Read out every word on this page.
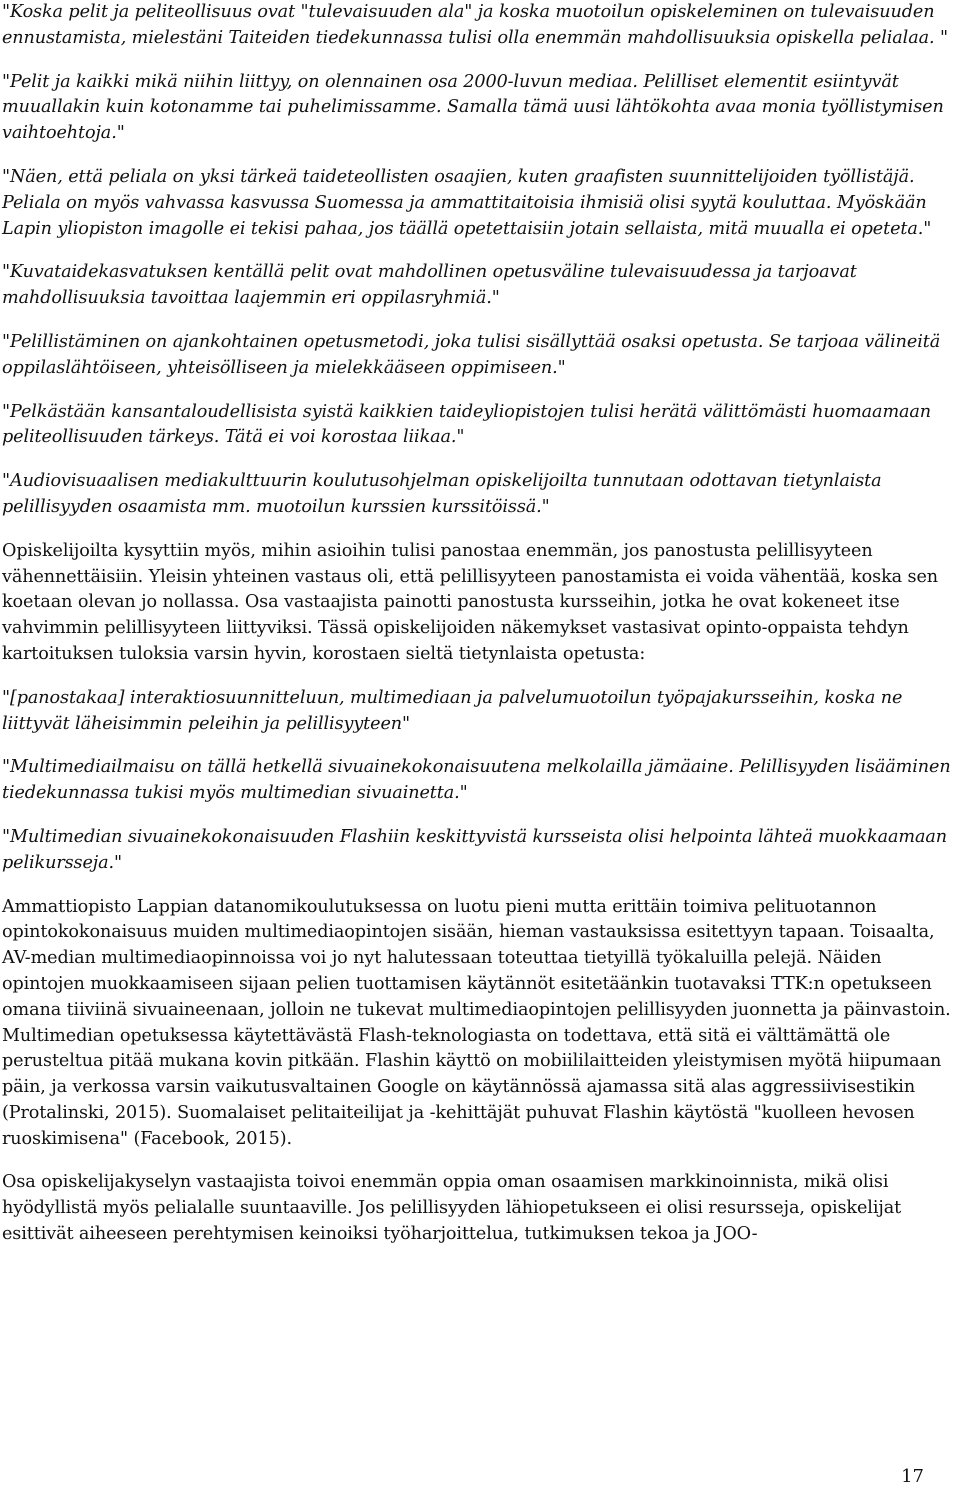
"Koska pelit ja peliteollisuus ovat "tulevaisuuden ala" ja koska muotoilun opiskeleminen on tulevaisuuden ennustamista, mielestäni Taiteiden tiedekunnassa tulisi olla enemmän mahdollisuuksia opiskella pelialaa. "

"Pelit ja kaikki mikä niihin liittyy, on olennainen osa 2000-luvun mediaa. Pelilliset elementit esiintyvät muuallakin kuin kotonamme tai puhelimissamme. Samalla tämä uusi lähtökohta avaa monia työllistymisen vaihtoehtoja."

"Näen, että peliala on yksi tärkeä taideteollisten osaajien, kuten graafisten suunnittelijoiden työllistäjä. Peliala on myös vahvassa kasvussa Suomessa ja ammattitaitoisia ihmisiä olisi syytä kouluttaa. Myöskään Lapin yliopiston imagolle ei tekisi pahaa, jos täällä opetettaisiin jotain sellaista, mitä muualla ei opeteta."

"Kuvataidekasvatuksen kentällä pelit ovat mahdollinen opetusväline tulevaisuudessa ja tarjoavat mahdollisuuksia tavoittaa laajemmin eri oppilasryhmiä."

"Pelillistäminen on ajankohtainen opetusmetodi, joka tulisi sisällyttää osaksi opetusta. Se tarjoaa välineitä oppilaslähtöiseen, yhteisölliseen ja mielekkääseen oppimiseen."

"Pelkästään kansantaloudellisista syistä kaikkien taideyliopistojen tulisi herätä välittömästi huomaamaan peliteollisuuden tärkeys. Tätä ei voi korostaa liikaa."

"Audiovisuaalisen mediakulttuurin koulutusohjelman opiskelijoilta tunnutaan odottavan tietynlaista pelillisyyden osaamista mm. muotoilun kurssien kurssitöissä."

Opiskelijoilta kysyttiin myös, mihin asioihin tulisi panostaa enemmän, jos panostusta pelillisyyteen vähennettäisiin. Yleisin yhteinen vastaus oli, että pelillisyyteen panostamista ei voida vähentää, koska sen koetaan olevan jo nollassa. Osa vastaajista painotti panostusta kursseihin, jotka he ovat kokeneet itse vahvimmin pelillisyyteen liittyviksi. Tässä opiskelijoiden näkemykset vastasivat opinto-oppaista tehdyn kartoituksen tuloksia varsin hyvin, korostaen sieltä tietynlaista opetusta:

"[panostakaa] interaktiosuunnitteluun, multimediaan ja palvelumuotoilun työpajakursseihin, koska ne liittyvät läheisimmin peleihin ja pelillisyyteen"

"Multimediailmaisu on tällä hetkellä sivuainekokonaisuutena melkolailla jämäaine. Pelillisyyden lisääminen tiedekunnassa tukisi myös multimedian sivuainetta."

"Multimedian sivuainekokonaisuuden Flashiin keskittyvistä kursseista olisi helpointa lähteä muokkaamaan pelikursseja."

Ammattiopisto Lappian datanomikoulutuksessa on luotu pieni mutta erittäin toimiva pelituotannon opintokokonaisuus muiden multimediaopintojen sisään, hieman vastauksissa esitettyyn tapaan. Toisaalta, AV-median multimediaopinnoissa voi jo nyt halutessaan toteuttaa tietyillä työkaluilla pelejä. Näiden opintojen muokkaamiseen sijaan pelien tuottamisen käytännöt esitetäänkin tuotavaksi TTK:n opetukseen omana tiiviinä sivuaineenaan, jolloin ne tukevat multimediaopintojen pelillisyyden juonnetta ja päinvastoin. Multimedian opetuksessa käytettävästä Flash-teknologiasta on todettava, että sitä ei välttämättä ole perusteltua pitää mukana kovin pitkään. Flashin käyttö on mobiililaitteiden yleistymisen myötä hiipumaan päin, ja verkossa varsin vaikutusvaltainen Google on käytännössä ajamassa sitä alas aggressiivisestikin (Protalinski, 2015). Suomalaiset pelitaiteilijat ja -kehittäjät puhuvat Flashin käytöstä "kuolleen hevosen ruoskimisena" (Facebook, 2015).

Osa opiskelijakyselyn vastaajista toivoi enemmän oppia oman osaamisen markkinoinnista, mikä olisi hyödyllistä myös pelialalle suuntaaville. Jos pelillisyyden lähiopetukseen ei olisi resursseja, opiskelijat esittivät aiheeseen perehtymisen keinoiksi työharjoittelua, tutkimuksen tekoa ja JOO-

17
